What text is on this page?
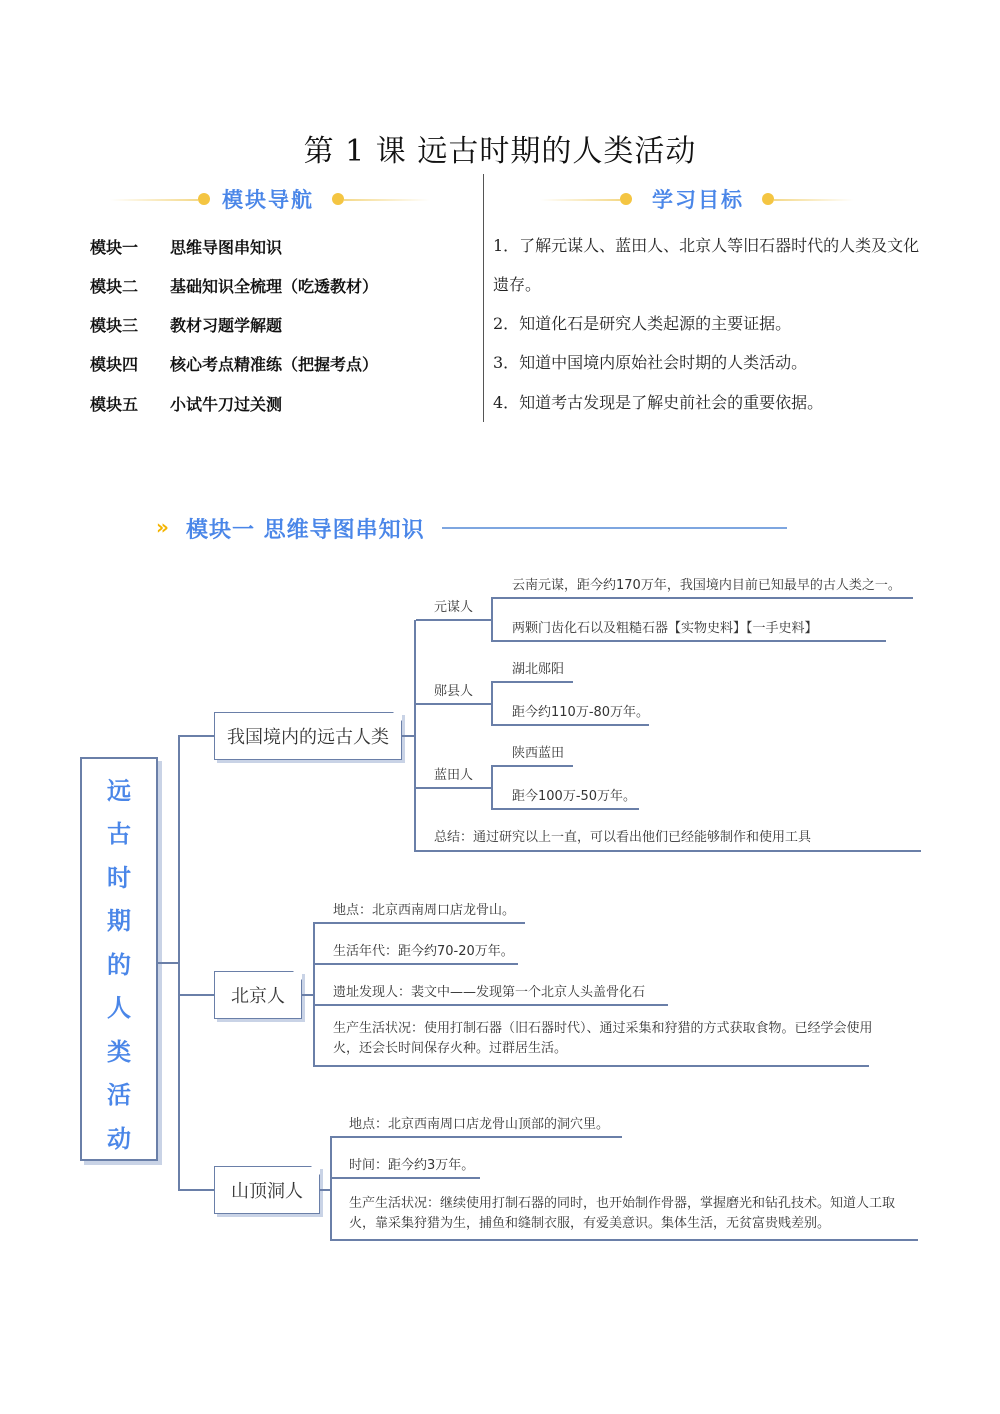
第 1 课 远古时期的人类活动
模块导航	学习目标
模块一 思维导图串知识
模块二 基础知识全梳理（吃透教材）
模块三 教材习题学解题
模块四 核心考点精准练（把握考点）
模块五 小试牛刀过关测
1．了解元谋人、蓝田人、北京人等旧石器时代的人类及文化遗存。
2．知道化石是研究人类起源的主要证据。
3．知道中国境内原始社会时期的人类活动。
4．知道考古发现是了解史前社会的重要依据。
» 模块一 思维导图串知识
远
古
时
期
的
人
类
活
动
我国境内的远古人类
元谋人
云南元谋，距今约170万年，我国境内目前已知最早的古人类之一。
两颗门齿化石以及粗糙石器【实物史料】【一手史料】
郧县人
湖北郧阳
距今约110万-80万年。
蓝田人
陕西蓝田
距今100万-50万年。
总结：通过研究以上一直，可以看出他们已经能够制作和使用工具
北京人
地点：北京西南周口店龙骨山。
生活年代：距今约70-20万年。
遗址发现人：裴文中——发现第一个北京人头盖骨化石
生产生活状况：使用打制石器（旧石器时代）、通过采集和狩猎的方式获取食物。已经学会使用火，还会长时间保存火种。过群居生活。
山顶洞人
地点：北京西南周口店龙骨山顶部的洞穴里。
时间：距今约3万年。
生产生活状况：继续使用打制石器的同时，也开始制作骨器，掌握磨光和钻孔技术。知道人工取火，靠采集狩猎为生，捕鱼和缝制衣服，有爱美意识。集体生活，无贫富贵贱差别。
